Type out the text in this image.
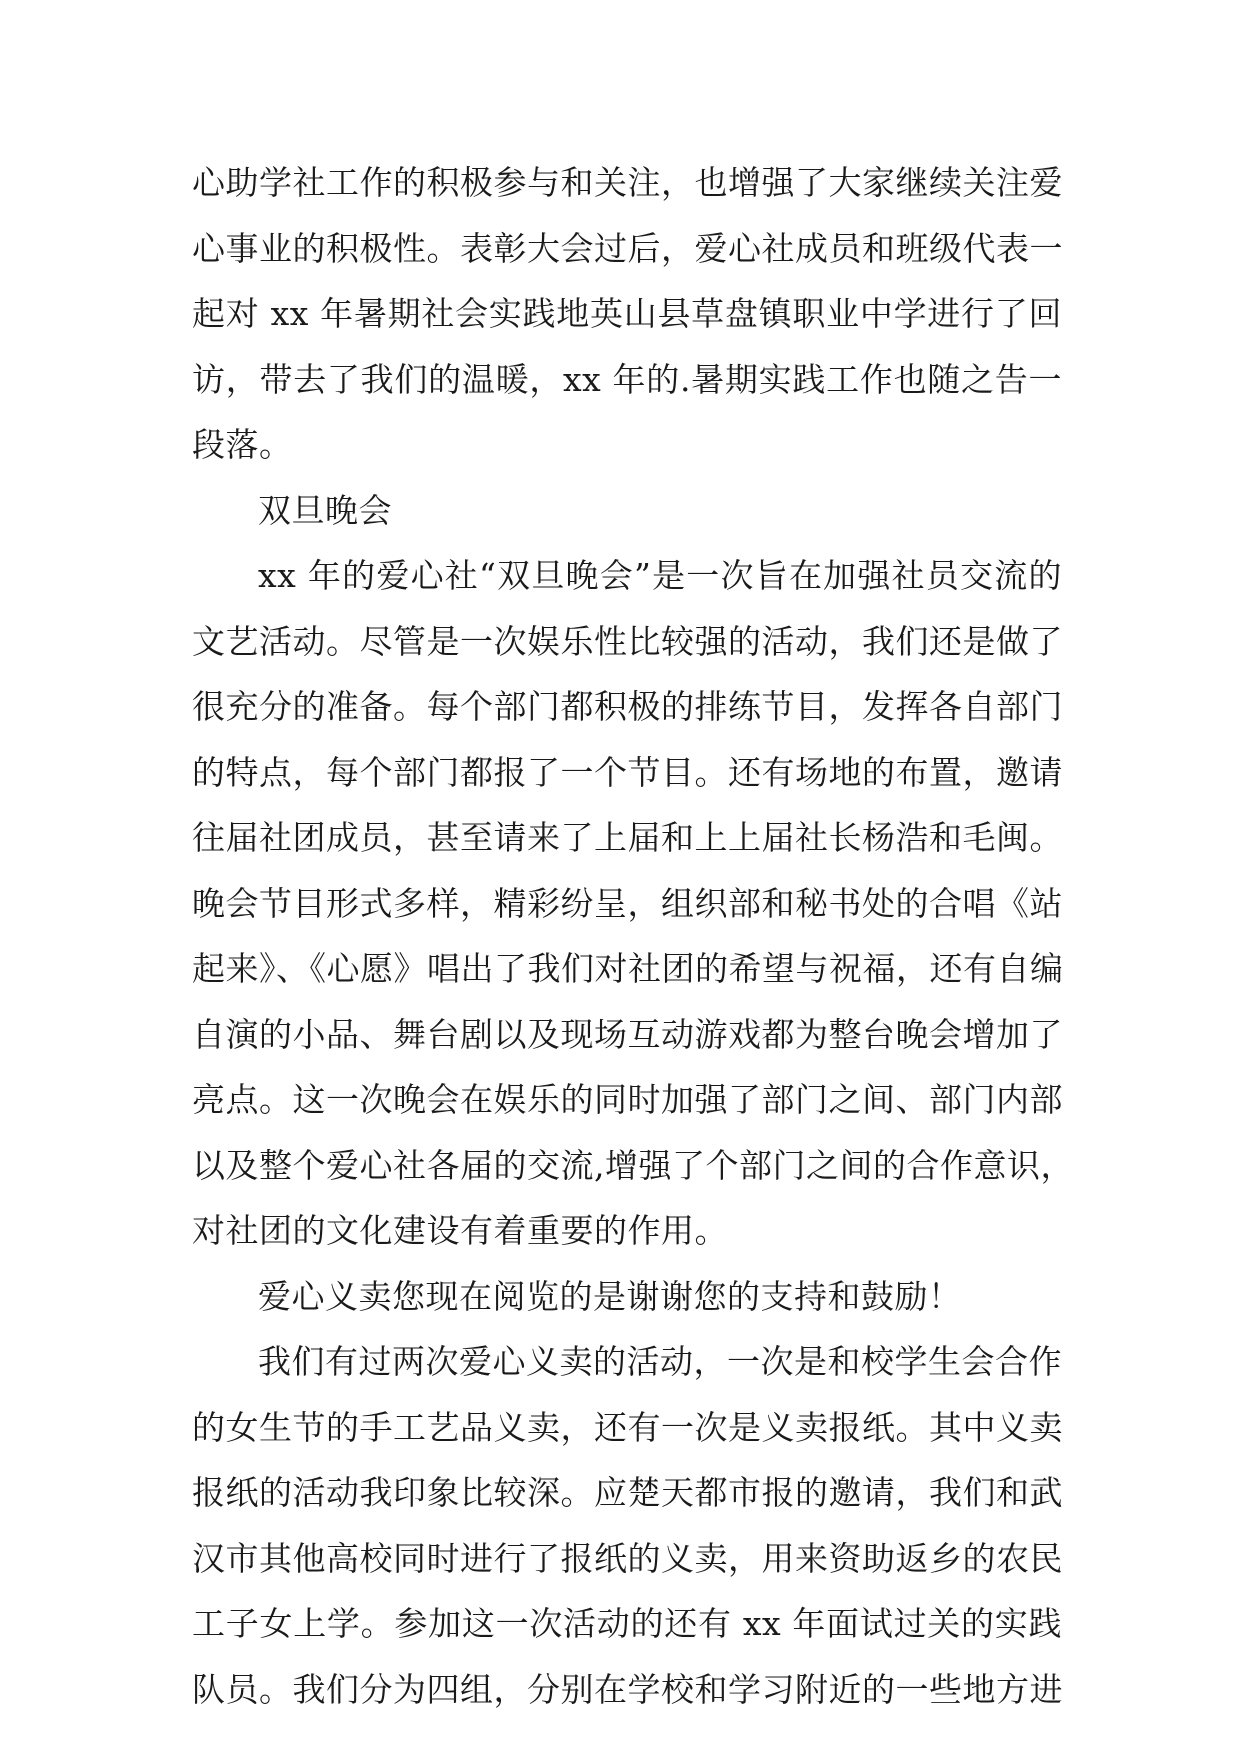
心助学社工作的积极参与和关注，也增强了大家继续关注爱
心事业的积极性。表彰大会过后，爱心社成员和班级代表一
起对 xx 年暑期社会实践地英山县草盘镇职业中学进行了回
访，带去了我们的温暖，xx 年的.暑期实践工作也随之告一
段落。
双旦晚会
xx 年的爱心社“双旦晚会”是一次旨在加强社员交流的
文艺活动。尽管是一次娱乐性比较强的活动，我们还是做了
很充分的准备。每个部门都积极的排练节目，发挥各自部门
的特点，每个部门都报了一个节目。还有场地的布置，邀请
往届社团成员，甚至请来了上届和上上届社长杨浩和毛闽。
晚会节目形式多样，精彩纷呈，组织部和秘书处的合唱《站
起来》、《心愿》唱出了我们对社团的希望与祝福，还有自编
自演的小品、舞台剧以及现场互动游戏都为整台晚会增加了
亮点。这一次晚会在娱乐的同时加强了部门之间、部门内部
以及整个爱心社各届的交流,增强了个部门之间的合作意识，
对社团的文化建设有着重要的作用。
爱心义卖您现在阅览的是谢谢您的支持和鼓励！
我们有过两次爱心义卖的活动，一次是和校学生会合作
的女生节的手工艺品义卖，还有一次是义卖报纸。其中义卖
报纸的活动我印象比较深。应楚天都市报的邀请，我们和武
汉市其他高校同时进行了报纸的义卖，用来资助返乡的农民
工子女上学。参加这一次活动的还有 xx 年面试过关的实践
队员。我们分为四组，分别在学校和学习附近的一些地方进
